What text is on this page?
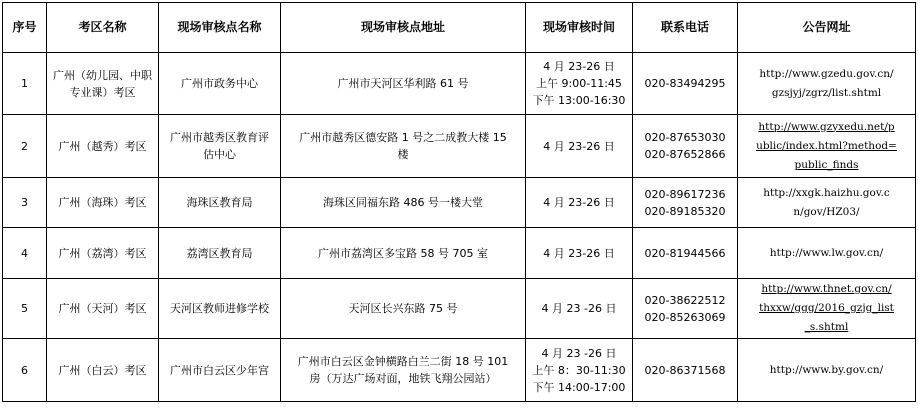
序号	考区名称	现场审核点名称	现场审核点地址	现场审核时间	联系电话	公告网址
1	广州（幼儿园、中职
专业课）考区	广州市政务中心	广州市天河区华利路 61 号	4 月 23-26 日
上午 9:00-11:45
下午 13:00-16:30	020-83494295	http://www.gzedu.gov.cn/
gzsjyj/zgrz/list.shtml

2	广州（越秀）考区	广州市越秀区教育评
估中心	广州市越秀区德安路 1 号之二成教大楼 15
楼	4 月 23-26 日	020-87653030
020-87652866	http://www.gzyxedu.net/p
ublic/index.html?method=
public_finds

3	广州（海珠）考区	海珠区教育局	海珠区同福东路 486 号一楼大堂	4 月 23-26 日	020-89617236
020-89185320	http://xxgk.haizhu.gov.c
n/gov/HZ03/

4	广州（荔湾）考区	荔湾区教育局	广州市荔湾区多宝路 58 号 705 室	4 月 23-26 日	020-81944566	http://www.lw.gov.cn/

5	广州（天河）考区	天河区教师进修学校	天河区长兴东路 75 号	4 月 23 -26 日	020-38622512
020-85263069	http://www.thnet.gov.cn/
thxxw/ggg/2016_gzjg_list
_s.shtml

6	广州（白云）考区	广州市白云区少年宫	广州市白云区金钟横路白兰二街 18 号 101
房（万达广场对面，地铁飞翔公园站）	4 月 23 -26 日
上午 8：30-11:30
下午 14:00-17:00	020-86371568	http://www.by.gov.cn/
